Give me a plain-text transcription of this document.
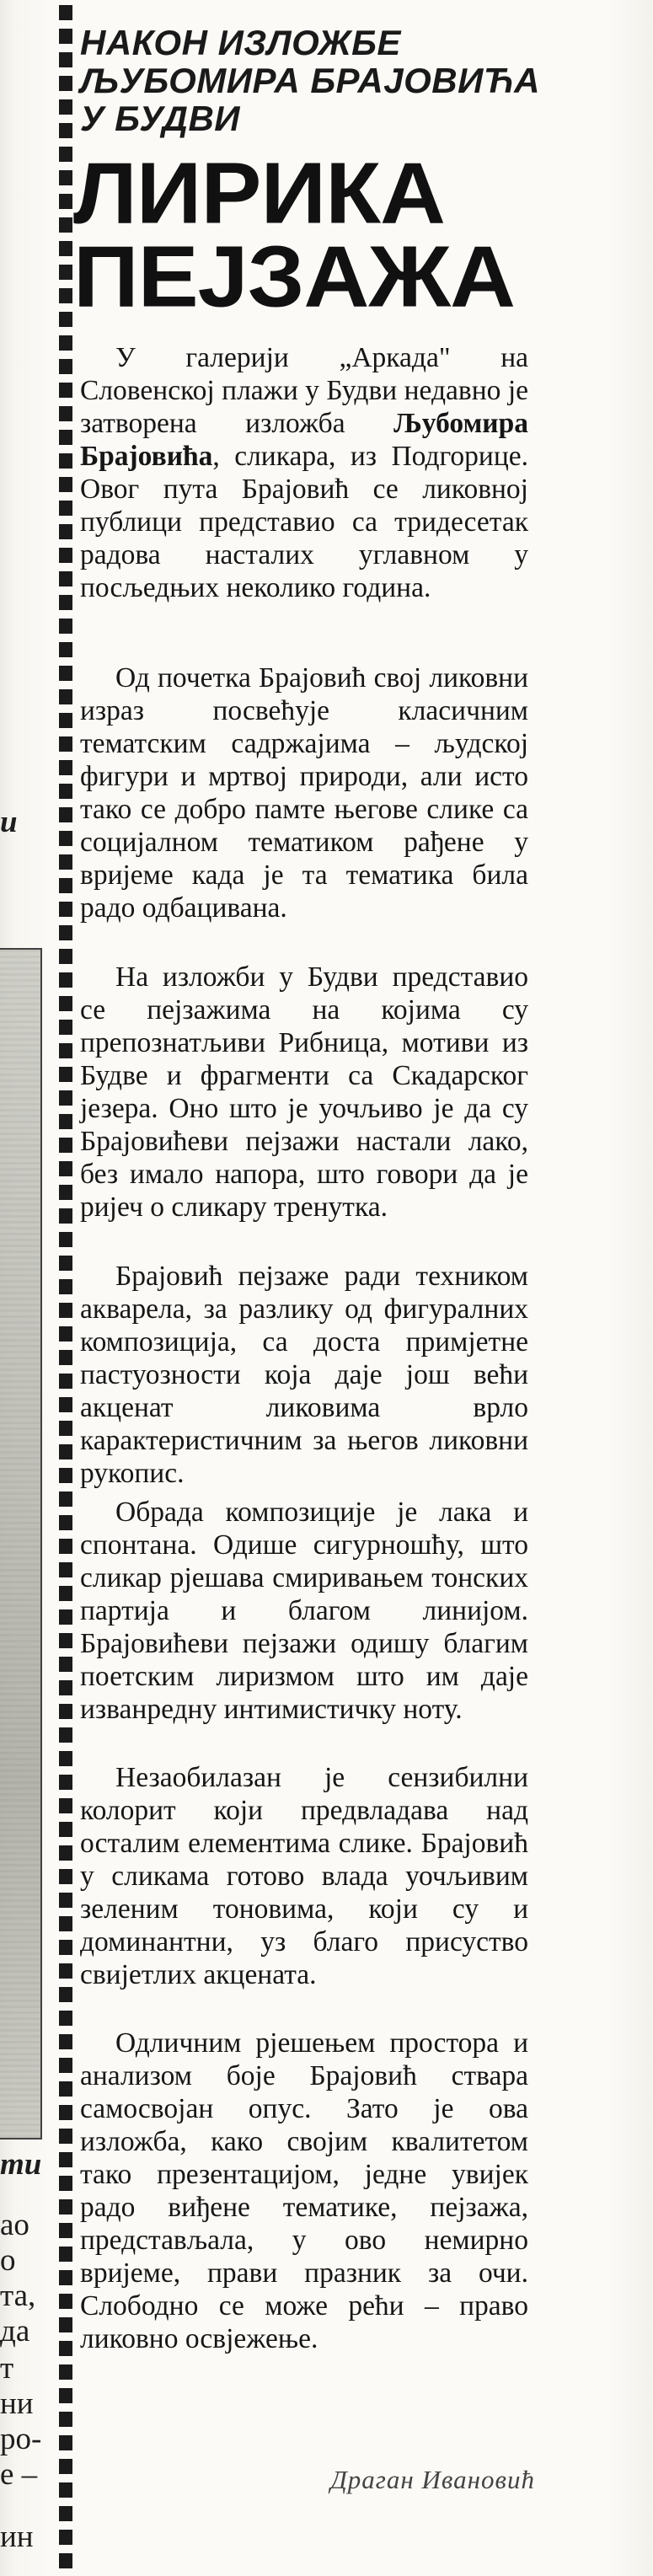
и
ти
ао
о
та,
да
т
ни
ро-
е –
ин
НАКОН ИЗЛОЖБЕ ЉУБОМИРА БРАЈОВИЋА У БУДВИ
ЛИРИКА ПЕЈЗАЖА
У галерији „Аркада" на Словенској плажи у Будви недавно је затворена изложба Љубомира Брајовића, сликара, из Подгорице. Овог пута Брајовић се ликовној публици представио са тридесетак радова насталих углавном у посљедњих неколико година.
Од почетка Брајовић свој ликовни израз посвећује класичним тематским садржајима – људској фигури и мртвој природи, али исто тако се добро памте његове слике са социјалном тематиком рађене у вријеме када је та тематика била радо одбацивана.
На изложби у Будви представио се пејзажима на којима су препознатљиви Рибница, мотиви из Будве и фрагменти са Скадарског језера. Оно што је уочљиво је да су Брајовићеви пејзажи настали лако, без имало напора, што говори да је ријеч о сликару тренутка.
Брајовић пејзаже ради техником акварела, за разлику од фигуралних композиција, са доста примјетне пастуозности која даје још већи акценат ликовима врло карактеристичним за његов ликовни рукопис.
Обрада композиције је лака и спонтана. Одише сигурношћу, што сликар рјешава смиривањем тонских партија и благом линијом. Брајовићеви пејзажи одишу благим поетским лиризмом што им даје изванредну интимистичку ноту.
Незаобилазан је сензибилни колорит који предвладава над осталим елементима слике. Брајовић у сликама готово влада уочљивим зеленим тоновима, који су и доминантни, уз благо присуство свијетлих акцената.
Одличним рјешењем простора и анализом боје Брајовић ствара самосвојан опус. Зато је ова изложба, како својим квалитетом тако презентацијом, једне увијек радо виђене тематике, пејзажа, представљала, у ово немирно вријеме, прави празник за очи. Слободно се може рећи – право ликовно освјежење.
Драган Ивановић
